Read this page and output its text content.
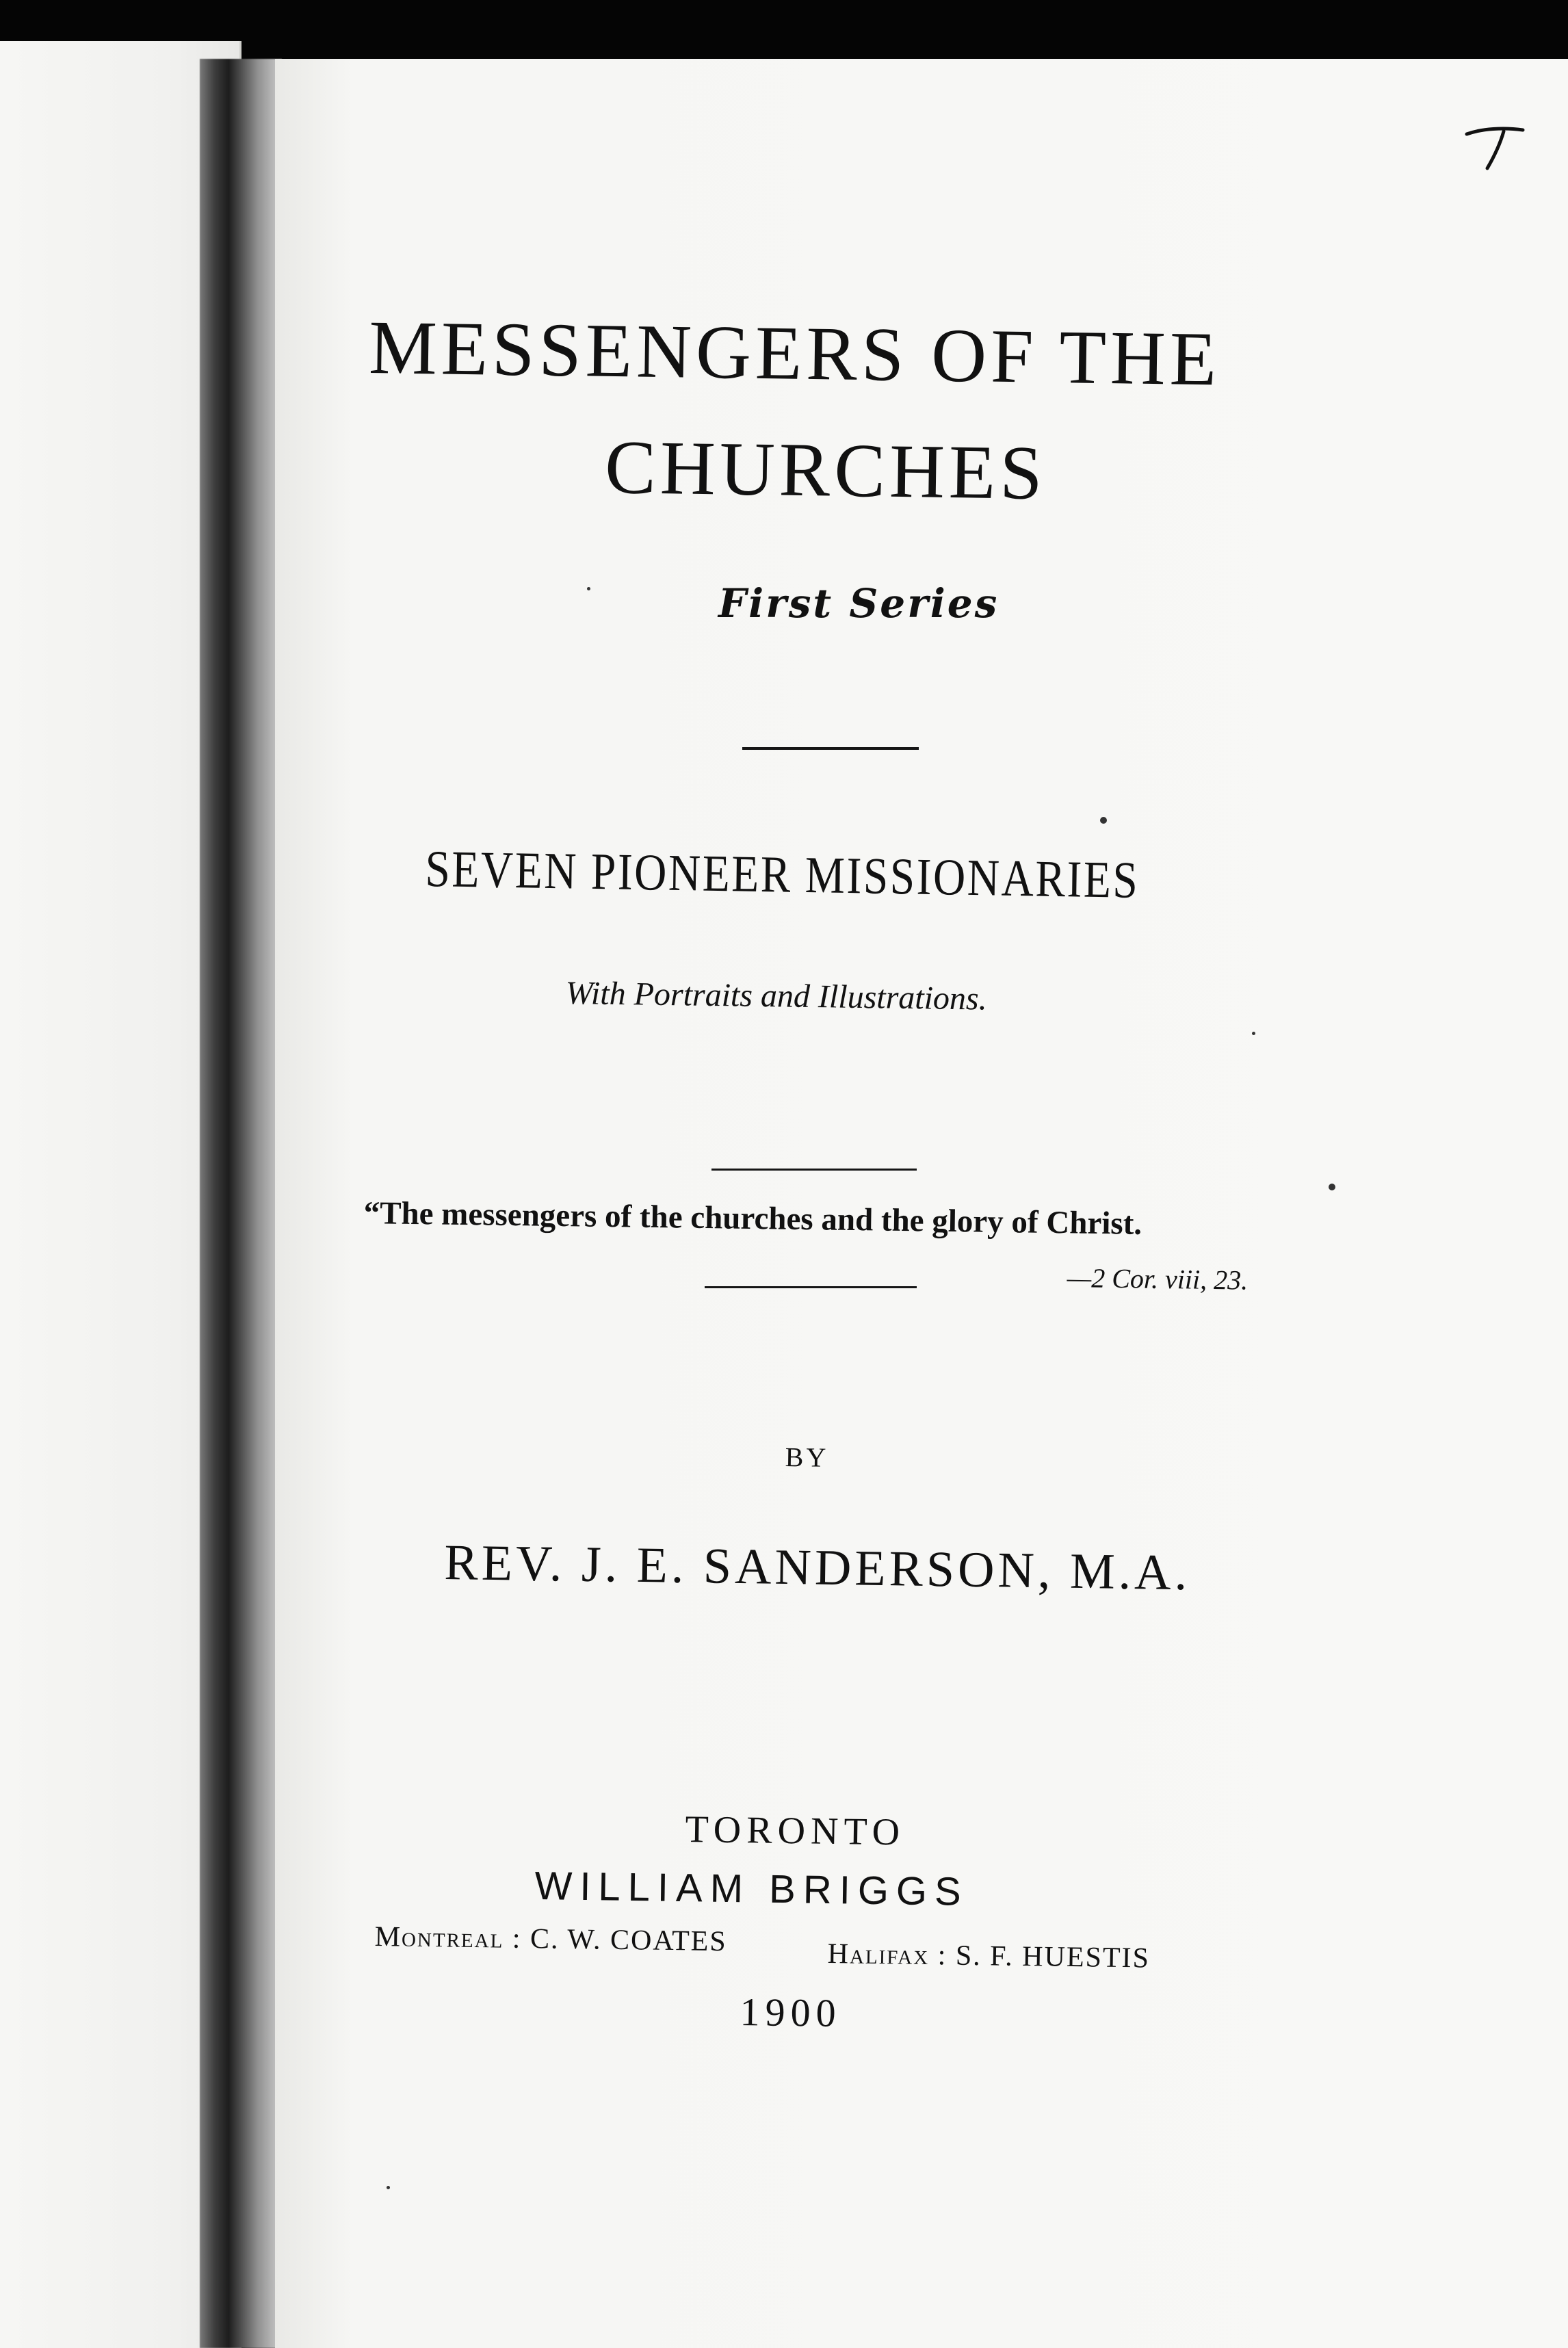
MESSENGERS OF THE
CHURCHES

First Series

SEVEN PIONEER MISSIONARIES

With Portraits and Illustrations.

“The messengers of the churches and the glory of Christ.

—2 Cor. viii, 23.

BY

REV. J. E. SANDERSON, M.A.

TORONTO

WILLIAM BRIGGS

Montreal : C. W. COATES	Halifax : S. F. HUESTIS

1900
